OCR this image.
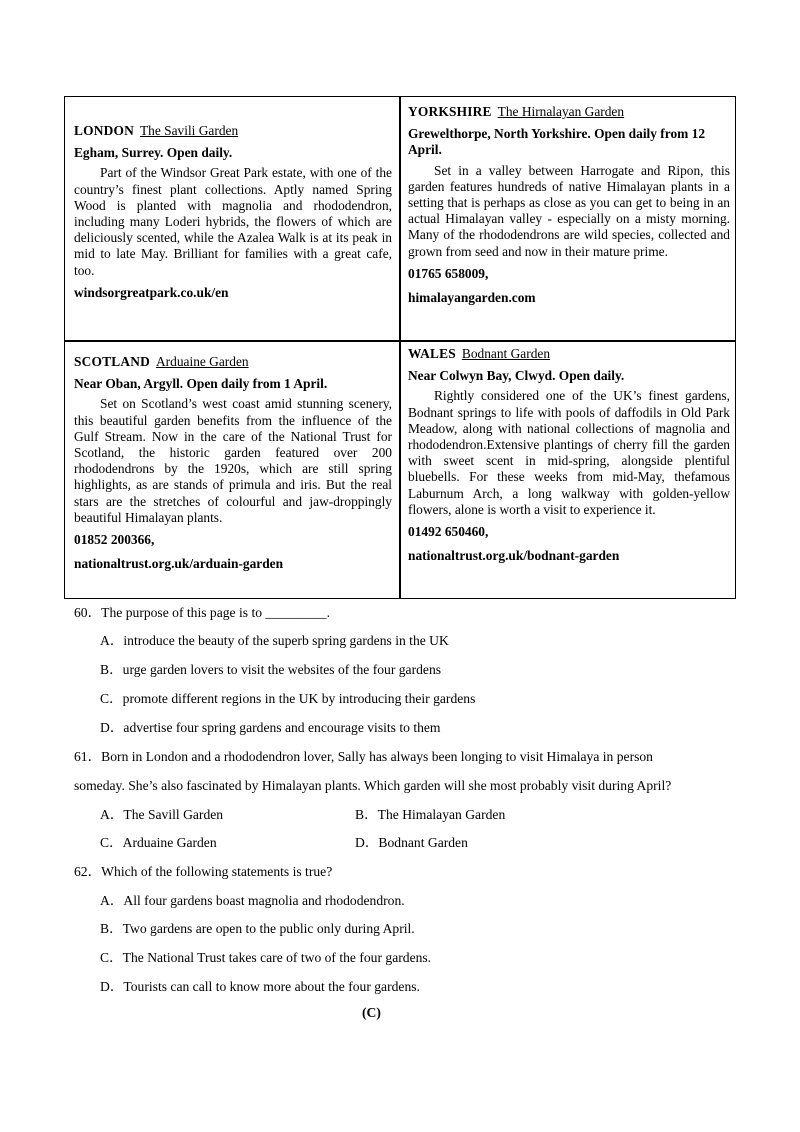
LONDON The Savili Garden
Egham, Surrey. Open daily.
Part of the Windsor Great Park estate, with one of the country’s finest plant collections. Aptly named Spring Wood is planted with magnolia and rhododendron, including many Loderi hybrids, the flowers of which are deliciously scented, while the Azalea Walk is at its peak in mid to late May. Brilliant for families with a great cafe, too.
windsorgreatpark.co.uk/en
YORKSHIRE The Hirnalayan Garden
Grewelthorpe, North Yorkshire. Open daily from 12 April.
Set in a valley between Harrogate and Ripon, this garden features hundreds of native Himalayan plants in a setting that is perhaps as close as you can get to being in an actual Himalayan valley - especially on a misty morning. Many of the rhododendrons are wild species, collected and grown from seed and now in their mature prime.
01765 658009,
himalayangarden.com
SCOTLAND Arduaine Garden
Near Oban, Argyll. Open daily from 1 April.
Set on Scotland’s west coast amid stunning scenery, this beautiful garden benefits from the influence of the Gulf Stream. Now in the care of the National Trust for Scotland, the historic garden featured over 200 rhododendrons by the 1920s, which are still spring highlights, as are stands of primula and iris. But the real stars are the stretches of colourful and jaw-droppingly beautiful Himalayan plants.
01852 200366,
nationaltrust.org.uk/arduain-garden
WALES Bodnant Garden
Near Colwyn Bay, Clwyd. Open daily.
Rightly considered one of the UK’s finest gardens, Bodnant springs to life with pools of daffodils in Old Park Meadow, along with national collections of magnolia and rhododendron.Extensive plantings of cherry fill the garden with sweet scent in mid-spring, alongside plentiful bluebells. For these weeks from mid-May, thefamous Laburnum Arch, a long walkway with golden-yellow flowers, alone is worth a visit to experience it.
01492 650460,
nationaltrust.org.uk/bodnant-garden
60．The purpose of this page is to _________.
A．introduce the beauty of the superb spring gardens in the UK
B．urge garden lovers to visit the websites of the four gardens
C．promote different regions in the UK by introducing their gardens
D．advertise four spring gardens and encourage visits to them
61．Born in London and a rhododendron lover, Sally has always been longing to visit Himalaya in person
someday. She’s also fascinated by Himalayan plants. Which garden will she most probably visit during April?
A．The Savill Garden	B．The Himalayan Garden
C．Arduaine Garden	D．Bodnant Garden
62．Which of the following statements is true?
A．All four gardens boast magnolia and rhododendron.
B．Two gardens are open to the public only during April.
C．The National Trust takes care of two of the four gardens.
D．Tourists can call to know more about the four gardens.
(C)
